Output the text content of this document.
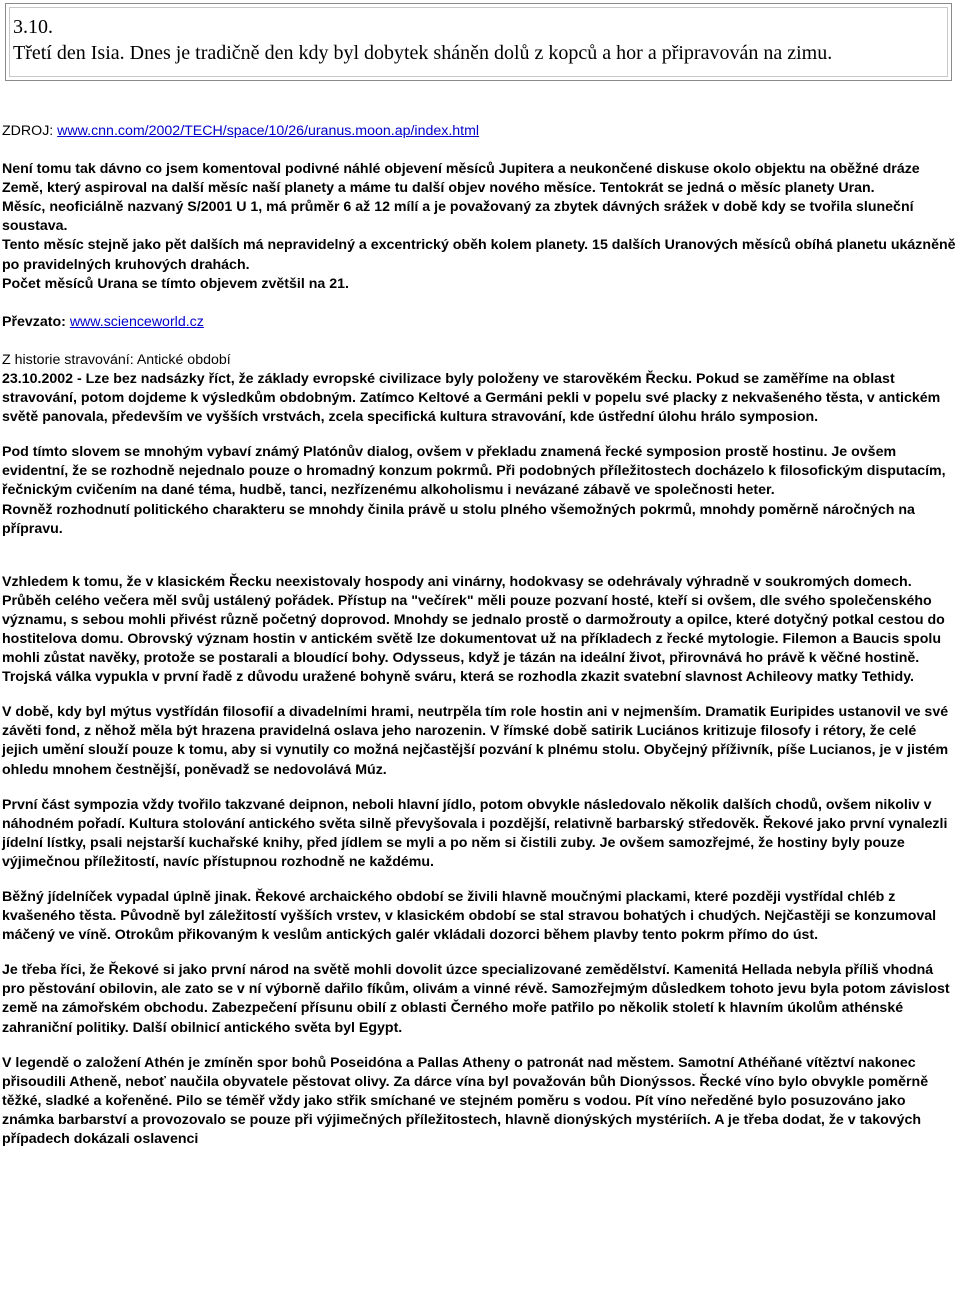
3.10.
Třetí den Isia. Dnes je tradičně den kdy byl dobytek sháněn dolů z kopců a hor a připravován na zimu.

ZDROJ: www.cnn.com/2002/TECH/space/10/26/uranus.moon.ap/index.html

Není tomu tak dávno co jsem komentoval podivné náhlé objevení měsíců Jupitera a neukončené diskuse okolo objektu na oběžné dráze Země, který aspiroval na další měsíc naší planety a máme tu další objev nového měsíce. Tentokrát se jedná o měsíc planety Uran.

Měsíc, neoficiálně nazvaný S/2001 U 1, má průměr 6 až 12 mílí a je považovaný za zbytek dávných srážek v době kdy se tvořila sluneční soustava.

Tento měsíc stejně jako pět dalších má nepravidelný a excentrický oběh kolem planety. 15 dalších Uranových měsíců obíhá planetu ukázněně po pravidelných kruhových drahách.

Počet měsíců Urana se tímto objevem zvětšil na 21.

Převzato: www.scienceworld.cz

Z historie stravování: Antické období

23.10.2002 - Lze bez nadsázky říct, že základy evropské civilizace byly položeny ve starověkém Řecku. Pokud se zaměříme na oblast stravování, potom dojdeme k výsledkům obdobným. Zatímco Keltové a Germáni pekli v popelu své placky z nekvašeného těsta, v antickém světě panovala, především ve vyšších vrstvách, zcela specifická kultura stravování, kde ústřední úlohu hrálo symposion.

Pod tímto slovem se mnohým vybaví známý Platónův dialog, ovšem v překladu znamená řecké symposion prostě hostinu. Je ovšem evidentní, že se rozhodně nejednalo pouze o hromadný konzum pokrmů. Při podobných příležitostech docházelo k filosofickým disputacím, řečnickým cvičením na dané téma, hudbě, tanci, nezřízenému alkoholismu i nevázané zábavě ve společnosti heter.

Rovněž rozhodnutí politického charakteru se mnohdy činila právě u stolu plného všemožných pokrmů, mnohdy poměrně náročných na přípravu.

Vzhledem k tomu, že v klasickém Řecku neexistovaly hospody ani vinárny, hodokvasy se odehrávaly výhradně v soukromých domech. Průběh celého večera měl svůj ustálený pořádek. Přístup na "večírek" měli pouze pozvaní hosté, kteří si ovšem, dle svého společenského významu, s sebou mohli přivést různě početný doprovod. Mnohdy se jednalo prostě o darmožrouty a opilce, které dotyčný potkal cestou do hostitelova domu. Obrovský význam hostin v antickém světě lze dokumentovat už na příkladech z řecké mytologie. Filemon a Baucis spolu mohli zůstat navěky, protože se postarali a bloudící bohy. Odysseus, když je tázán na ideální život, přirovnává ho právě k věčné hostině. Trojská válka vypukla v první řadě z důvodu uražené bohyně sváru, která se rozhodla zkazit svatební slavnost Achileovy matky Tethidy.

V době, kdy byl mýtus vystřídán filosofií a divadelními hrami, neutrpěla tím role hostin ani v nejmenším. Dramatik Euripides ustanovil ve své závěti fond, z něhož měla být hrazena pravidelná oslava jeho narozenin. V římské době satirik Luciános kritizuje filosofy i rétory, že celé jejich umění slouží pouze k tomu, aby si vynutily co možná nejčastější pozvání k plnému stolu. Obyčejný příživník, píše Lucianos, je v jistém ohledu mnohem čestnější, poněvadž se nedovolává Múz.

První část sympozia vždy tvořilo takzvané deipnon, neboli hlavní jídlo, potom obvykle následovalo několik dalších chodů, ovšem nikoliv v náhodném pořadí. Kultura stolování antického světa silně převyšovala i pozdější, relativně barbarský středověk. Řekové jako první vynalezli jídelní lístky, psali nejstarší kuchařské knihy, před jídlem se myli a po něm si čistili zuby. Je ovšem samozřejmé, že hostiny byly pouze výjimečnou příležitostí, navíc přístupnou rozhodně ne každému.

Běžný jídelníček vypadal úplně jinak. Řekové archaického období se živili hlavně moučnými plackami, které později vystřídal chléb z kvašeného těsta. Původně byl záležitostí vyšších vrstev, v klasickém období se stal stravou bohatých i chudých. Nejčastěji se konzumoval máčený ve víně. Otrokům přikovaným k veslům antických galér vkládali dozorci během plavby tento pokrm přímo do úst.

Je třeba říci, že Řekové si jako první národ na světě mohli dovolit úzce specializované zemědělství. Kamenitá Hellada nebyla příliš vhodná pro pěstování obilovin, ale zato se v ní výborně dařilo fíkům, olivám a vinné révě. Samozřejmým důsledkem tohoto jevu byla potom závislost země na zámořském obchodu. Zabezpečení přísunu obilí z oblasti Černého moře patřilo po několik století k hlavním úkolům athénské zahraniční politiky. Další obilnicí antického světa byl Egypt.

V legendě o založení Athén je zmíněn spor bohů Poseidóna a Pallas Atheny o patronát nad městem. Samotní Athéňané vítěztví nakonec přisoudili Atheně, neboť naučila obyvatele pěstovat olivy. Za dárce vína byl považován bůh Dionýssos. Řecké víno bylo obvykle poměrně těžké, sladké a kořeněné. Pilo se téměř vždy jako střik smíchané ve stejném poměru s vodou. Pít víno neředěné bylo posuzováno jako známka barbarství a provozovalo se pouze při výjimečných příležitostech, hlavně dionýských mystériích. A je třeba dodat, že v takových případech dokázali oslavenci
